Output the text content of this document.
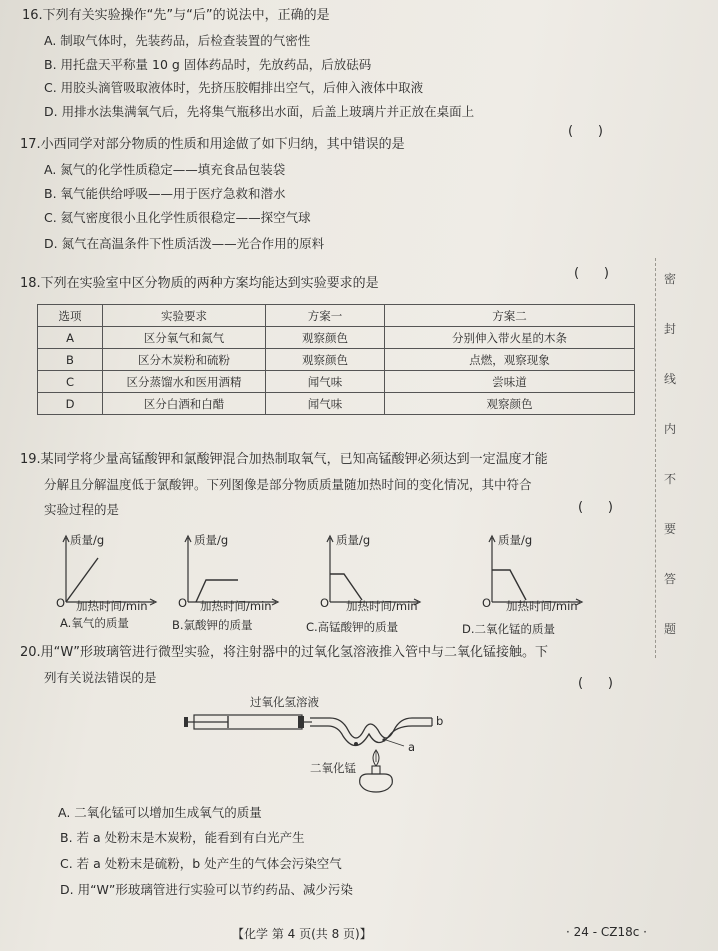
16.下列有关实验操作“先”与“后”的说法中，正确的是
A. 制取气体时，先装药品，后检查装置的气密性
B. 用托盘天平称量 10 g 固体药品时，先放药品，后放砝码
C. 用胶头滴管吸取液体时，先挤压胶帽排出空气，后伸入液体中取液
D. 用排水法集满氧气后，先将集气瓶移出水面，后盖上玻璃片并正放在桌面上
(      )
17.小西同学对部分物质的性质和用途做了如下归纳，其中错误的是
A. 氮气的化学性质稳定——填充食品包装袋
B. 氧气能供给呼吸——用于医疗急救和潜水
C. 氦气密度很小且化学性质很稳定——探空气球
D. 氮气在高温条件下性质活泼——光合作用的原料
(      )
18.下列在实验室中区分物质的两种方案均能达到实验要求的是
选项	实验要求	方案一	方案二
A	区分氧气和氮气	观察颜色	分别伸入带火星的木条
B	区分木炭粉和硫粉	观察颜色	点燃，观察现象
C	区分蒸馏水和医用酒精	闻气味	尝味道
D	区分白酒和白醋	闻气味	观察颜色
19.某同学将少量高锰酸钾和氯酸钾混合加热制取氧气，已知高锰酸钾必须达到一定温度才能
分解且分解温度低于氯酸钾。下列图像是部分物质质量随加热时间的变化情况，其中符合
实验过程的是	(      )
质量/g
O 加热时间/min
A.氧气的质量
质量/g
O 加热时间/min
B.氯酸钾的质量
质量/g
O 加热时间/min
C.高锰酸钾的质量
质量/g
O 加热时间/min
D.二氧化锰的质量
20.用“W”形玻璃管进行微型实验，将注射器中的过氧化氢溶液推入管中与二氧化锰接触。下
列有关说法错误的是	(      )
过氧化氢溶液
二氧化锰
a
b
A. 二氧化锰可以增加生成氧气的质量
B. 若 a 处粉末是木炭粉，能看到有白光产生
C. 若 a 处粉末是硫粉，b 处产生的气体会污染空气
D. 用“W”形玻璃管进行实验可以节约药品、减少污染
密
封
线
内
不
要
答
题
【化学 第 4 页(共 8 页)】	· 24 - CZ18c ·
